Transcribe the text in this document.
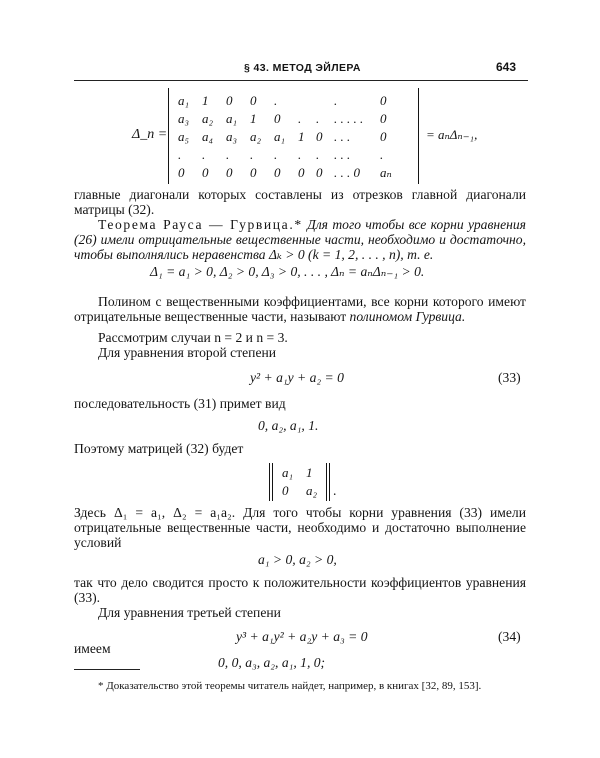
§ 43. МЕТОД ЭЙЛЕРА	643
Δ_n =
a₁	1	0	0	.			.	0
a₃	a₂	a₁	1	0	.	.	. . . . .	0
a₅	a₄	a₃	a₂	a₁	1	0	. . .	0
.	.	.	.	.	.	.	. . .	.
0	0	0	0	0	0	0	. . . 0	aₙ
= aₙΔₙ₋₁,
главные диагонали которых составлены из отрезков главной диагонали матрицы (32).
Теорема Рауса — Гурвица.* Для того чтобы все корни уравнения (26) имели отрицательные вещественные части, необходимо и достаточно, чтобы выполнялись неравенства Δₖ > 0 (k = 1, 2, . . . , n), т. е.
Δ₁ = a₁ > 0, Δ₂ > 0, Δ₃ > 0, . . . , Δₙ = aₙΔₙ₋₁ > 0.
Полином с вещественными коэффициентами, все корни которого имеют отрицательные вещественные части, называют полиномом Гурвица.
Рассмотрим случаи n = 2 и n = 3.
Для уравнения второй степени
y² + a₁y + a₂ = 0	(33)
последовательность (31) примет вид
0, a₂, a₁, 1.
Поэтому матрицей (32) будет
a₁	1
0	a₂ .
Здесь Δ₁ = a₁, Δ₂ = a₁a₂. Для того чтобы корни уравнения (33) имели отрицательные вещественные части, необходимо и достаточно выполнение условий
a₁ > 0, a₂ > 0,
так что дело сводится просто к положительности коэффициентов уравнения (33).
Для уравнения третьей степени
y³ + a₁y² + a₂y + a₃ = 0	(34)
имеем
0, 0, a₃, a₂, a₁, 1, 0;
* Доказательство этой теоремы читатель найдет, например, в книгах [32, 89, 153].
